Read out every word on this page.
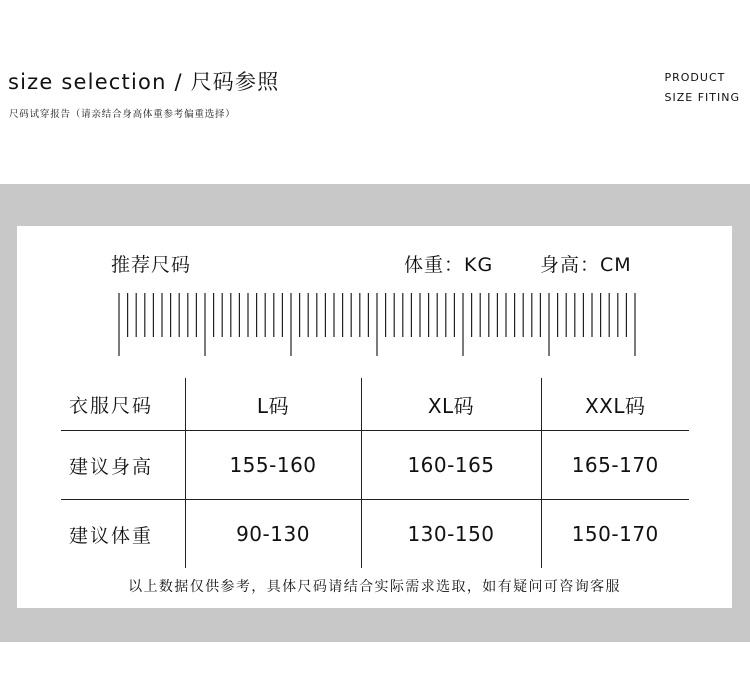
size selection / 尺码参照
尺码试穿报告（请亲结合身高体重参考偏重选择）
PRODUCT
SIZE FITING
推荐尺码	体重：KG 身高：CM
衣服尺码	L码	XL码	XXL码
建议身高	155-160	160-165	165-170
建议体重	90-130	130-150	150-170
以上数据仅供参考，具体尺码请结合实际需求选取，如有疑问可咨询客服
